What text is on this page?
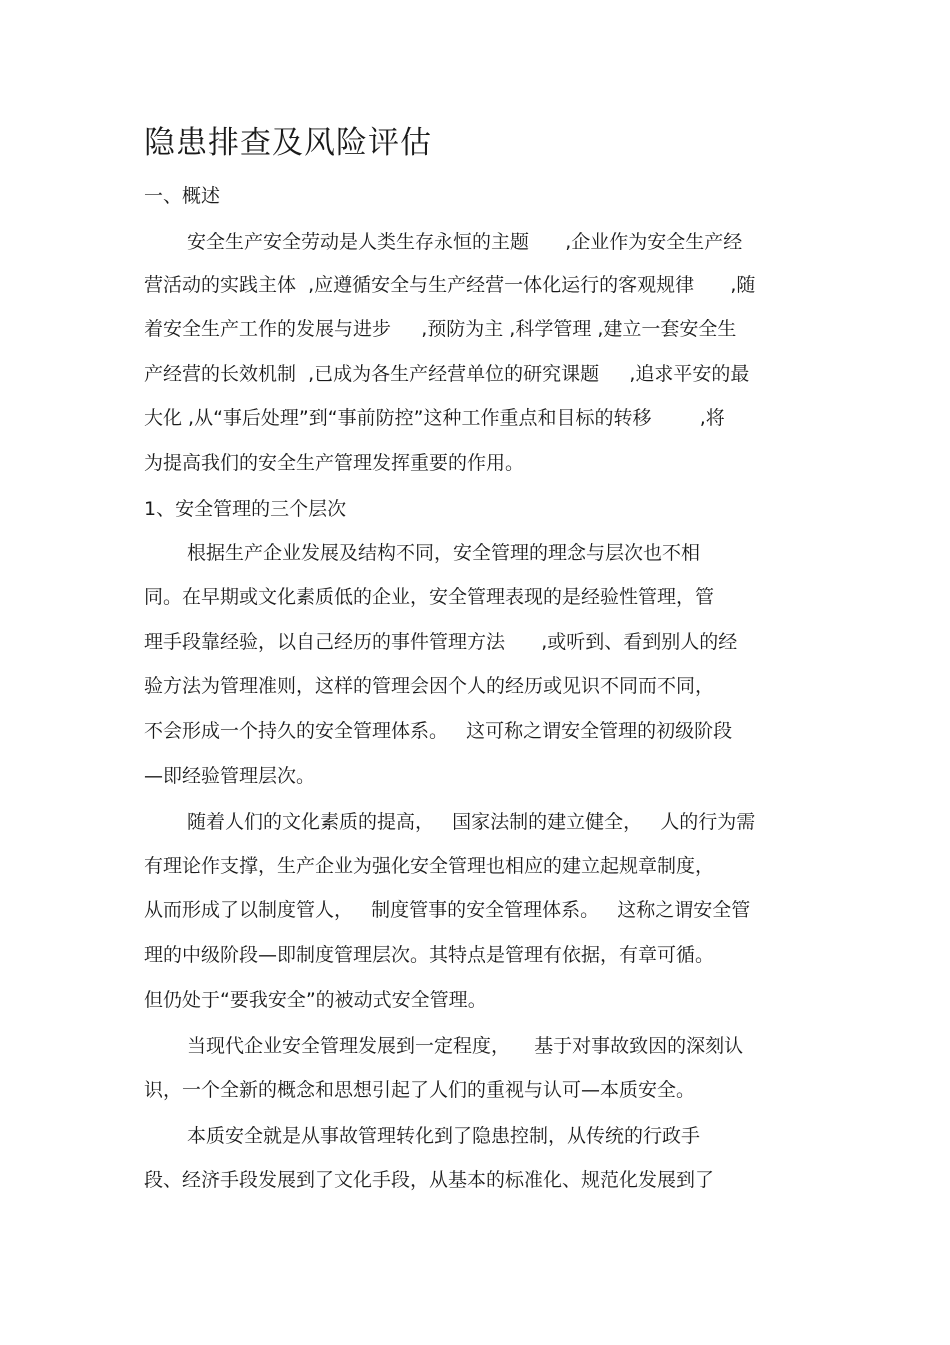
隐患排查及风险评估

一、概述

安全生产安全劳动是人类生存永恒的主题      ,企业作为安全生产经

营活动的实践主体  ,应遵循安全与生产经营一体化运行的客观规律      ,随

着安全生产工作的发展与进步     ,预防为主 ,科学管理 ,建立一套安全生

产经营的长效机制  ,已成为各生产经营单位的研究课题     ,追求平安的最

大化 ,从“事后处理”到“事前防控”这种工作重点和目标的转移        ,将

为提高我们的安全生产管理发挥重要的作用。

1、安全管理的三个层次

根据生产企业发展及结构不同，安全管理的理念与层次也不相

同。在早期或文化素质低的企业，安全管理表现的是经验性管理，管

理手段靠经验，以自己经历的事件管理方法      ,或听到、看到别人的经

验方法为管理准则，这样的管理会因个人的经历或见识不同而不同，

不会形成一个持久的安全管理体系。   这可称之谓安全管理的初级阶段

—即经验管理层次。

随着人们的文化素质的提高，   国家法制的建立健全，   人的行为需

有理论作支撑，生产企业为强化安全管理也相应的建立起规章制度，

从而形成了以制度管人，   制度管事的安全管理体系。   这称之谓安全管

理的中级阶段—即制度管理层次。其特点是管理有依据，有章可循。

但仍处于“要我安全”的被动式安全管理。

当现代企业安全管理发展到一定程度，    基于对事故致因的深刻认

识，一个全新的概念和思想引起了人们的重视与认可—本质安全。

本质安全就是从事故管理转化到了隐患控制，从传统的行政手

段、经济手段发展到了文化手段，从基本的标准化、规范化发展到了
